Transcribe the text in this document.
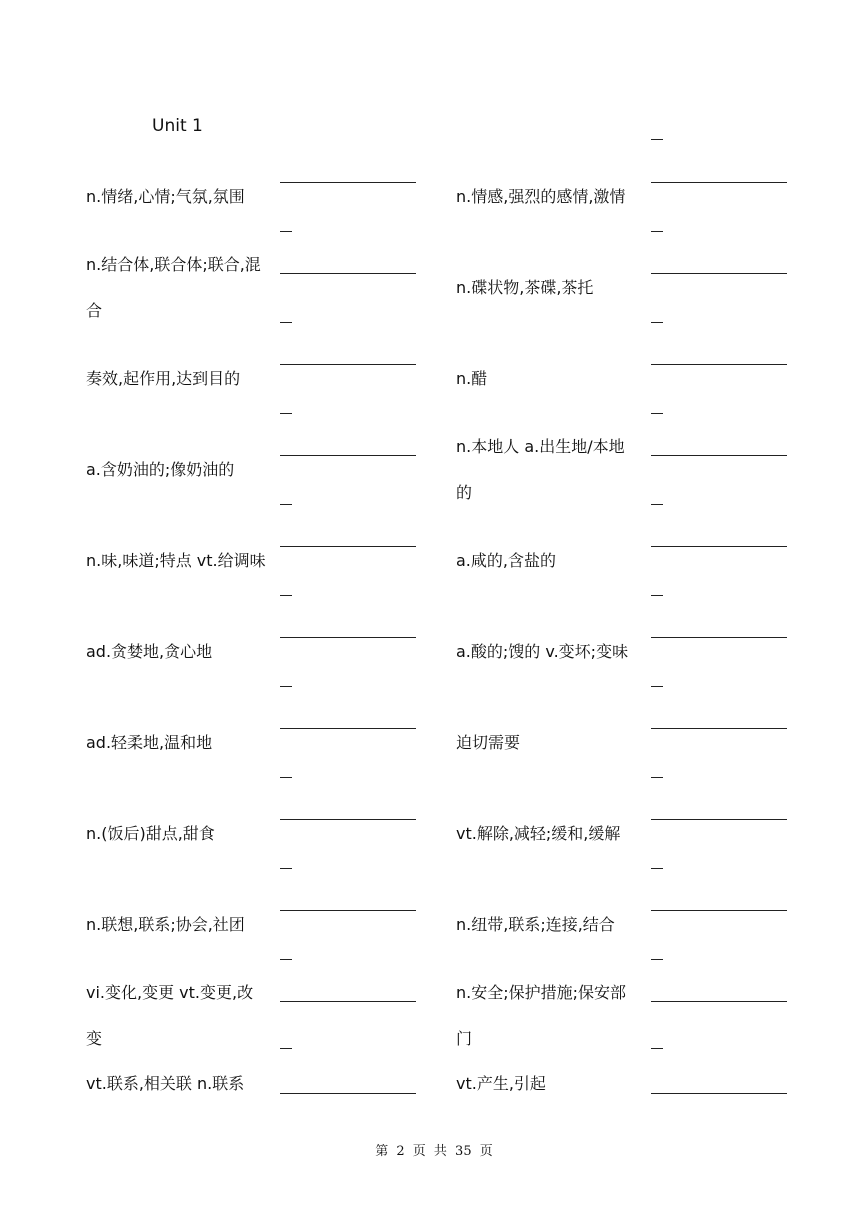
Unit 1
n.情绪,心情;气氛,氛围
n.结合体,联合体;联合,混
合
奏效,起作用,达到目的
a.含奶油的;像奶油的
n.味,味道;特点 vt.给调味
ad.贪婪地,贪心地
ad.轻柔地,温和地
n.(饭后)甜点,甜食
n.联想,联系;协会,社团
vi.变化,变更 vt.变更,改
变
vt.联系,相关联 n.联系
n.情感,强烈的感情,激情
n.碟状物,茶碟,茶托
n.醋
n.本地人 a.出生地/本地
的
a.咸的,含盐的
a.酸的;馊的 v.变坏;变味
迫切需要
vt.解除,减轻;缓和,缓解
n.纽带,联系;连接,结合
n.安全;保护措施;保安部
门
vt.产生,引起
第 2 页 共 35 页
